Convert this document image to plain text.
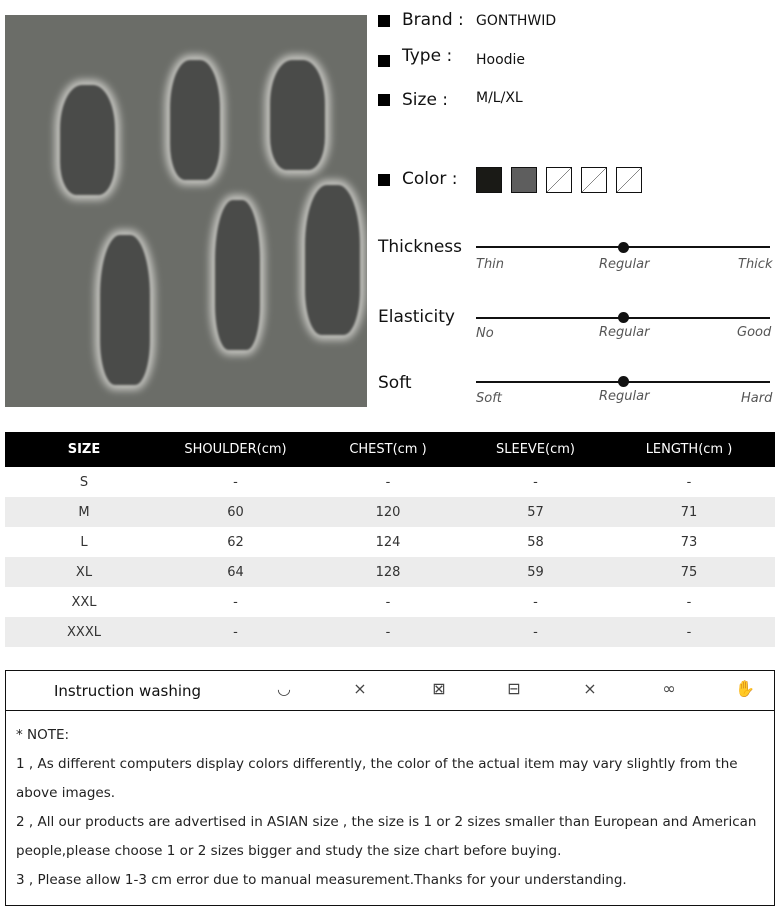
Brand : GONTHWID
Type : Hoodie
Size : M/L/XL
Color :
Thickness
Thin	Regular	Thick
Elasticity
No	Regular	Good
Soft
Soft	Regular	Hard
SIZE	SHOULDER(cm)	CHEST(cm )	SLEEVE(cm)	LENGTH(cm )
S	-	-	-	-
M	60	120	57	71
L	62	124	58	73
XL	64	128	59	75
XXL	-	-	-	-
XXXL	-	-	-	-
Instruction washing	◡	⨯	⊠	⊟	⨯	∞	✋
* NOTE:
1 , As different computers display colors differently, the color of the actual item may vary slightly from the above images.
2 , All our products are advertised in ASIAN size , the size is 1 or 2 sizes smaller than European and American people,please choose 1 or 2 sizes bigger and study the size chart before buying.
3 , Please allow 1-3 cm error due to manual measurement.Thanks for your understanding.
